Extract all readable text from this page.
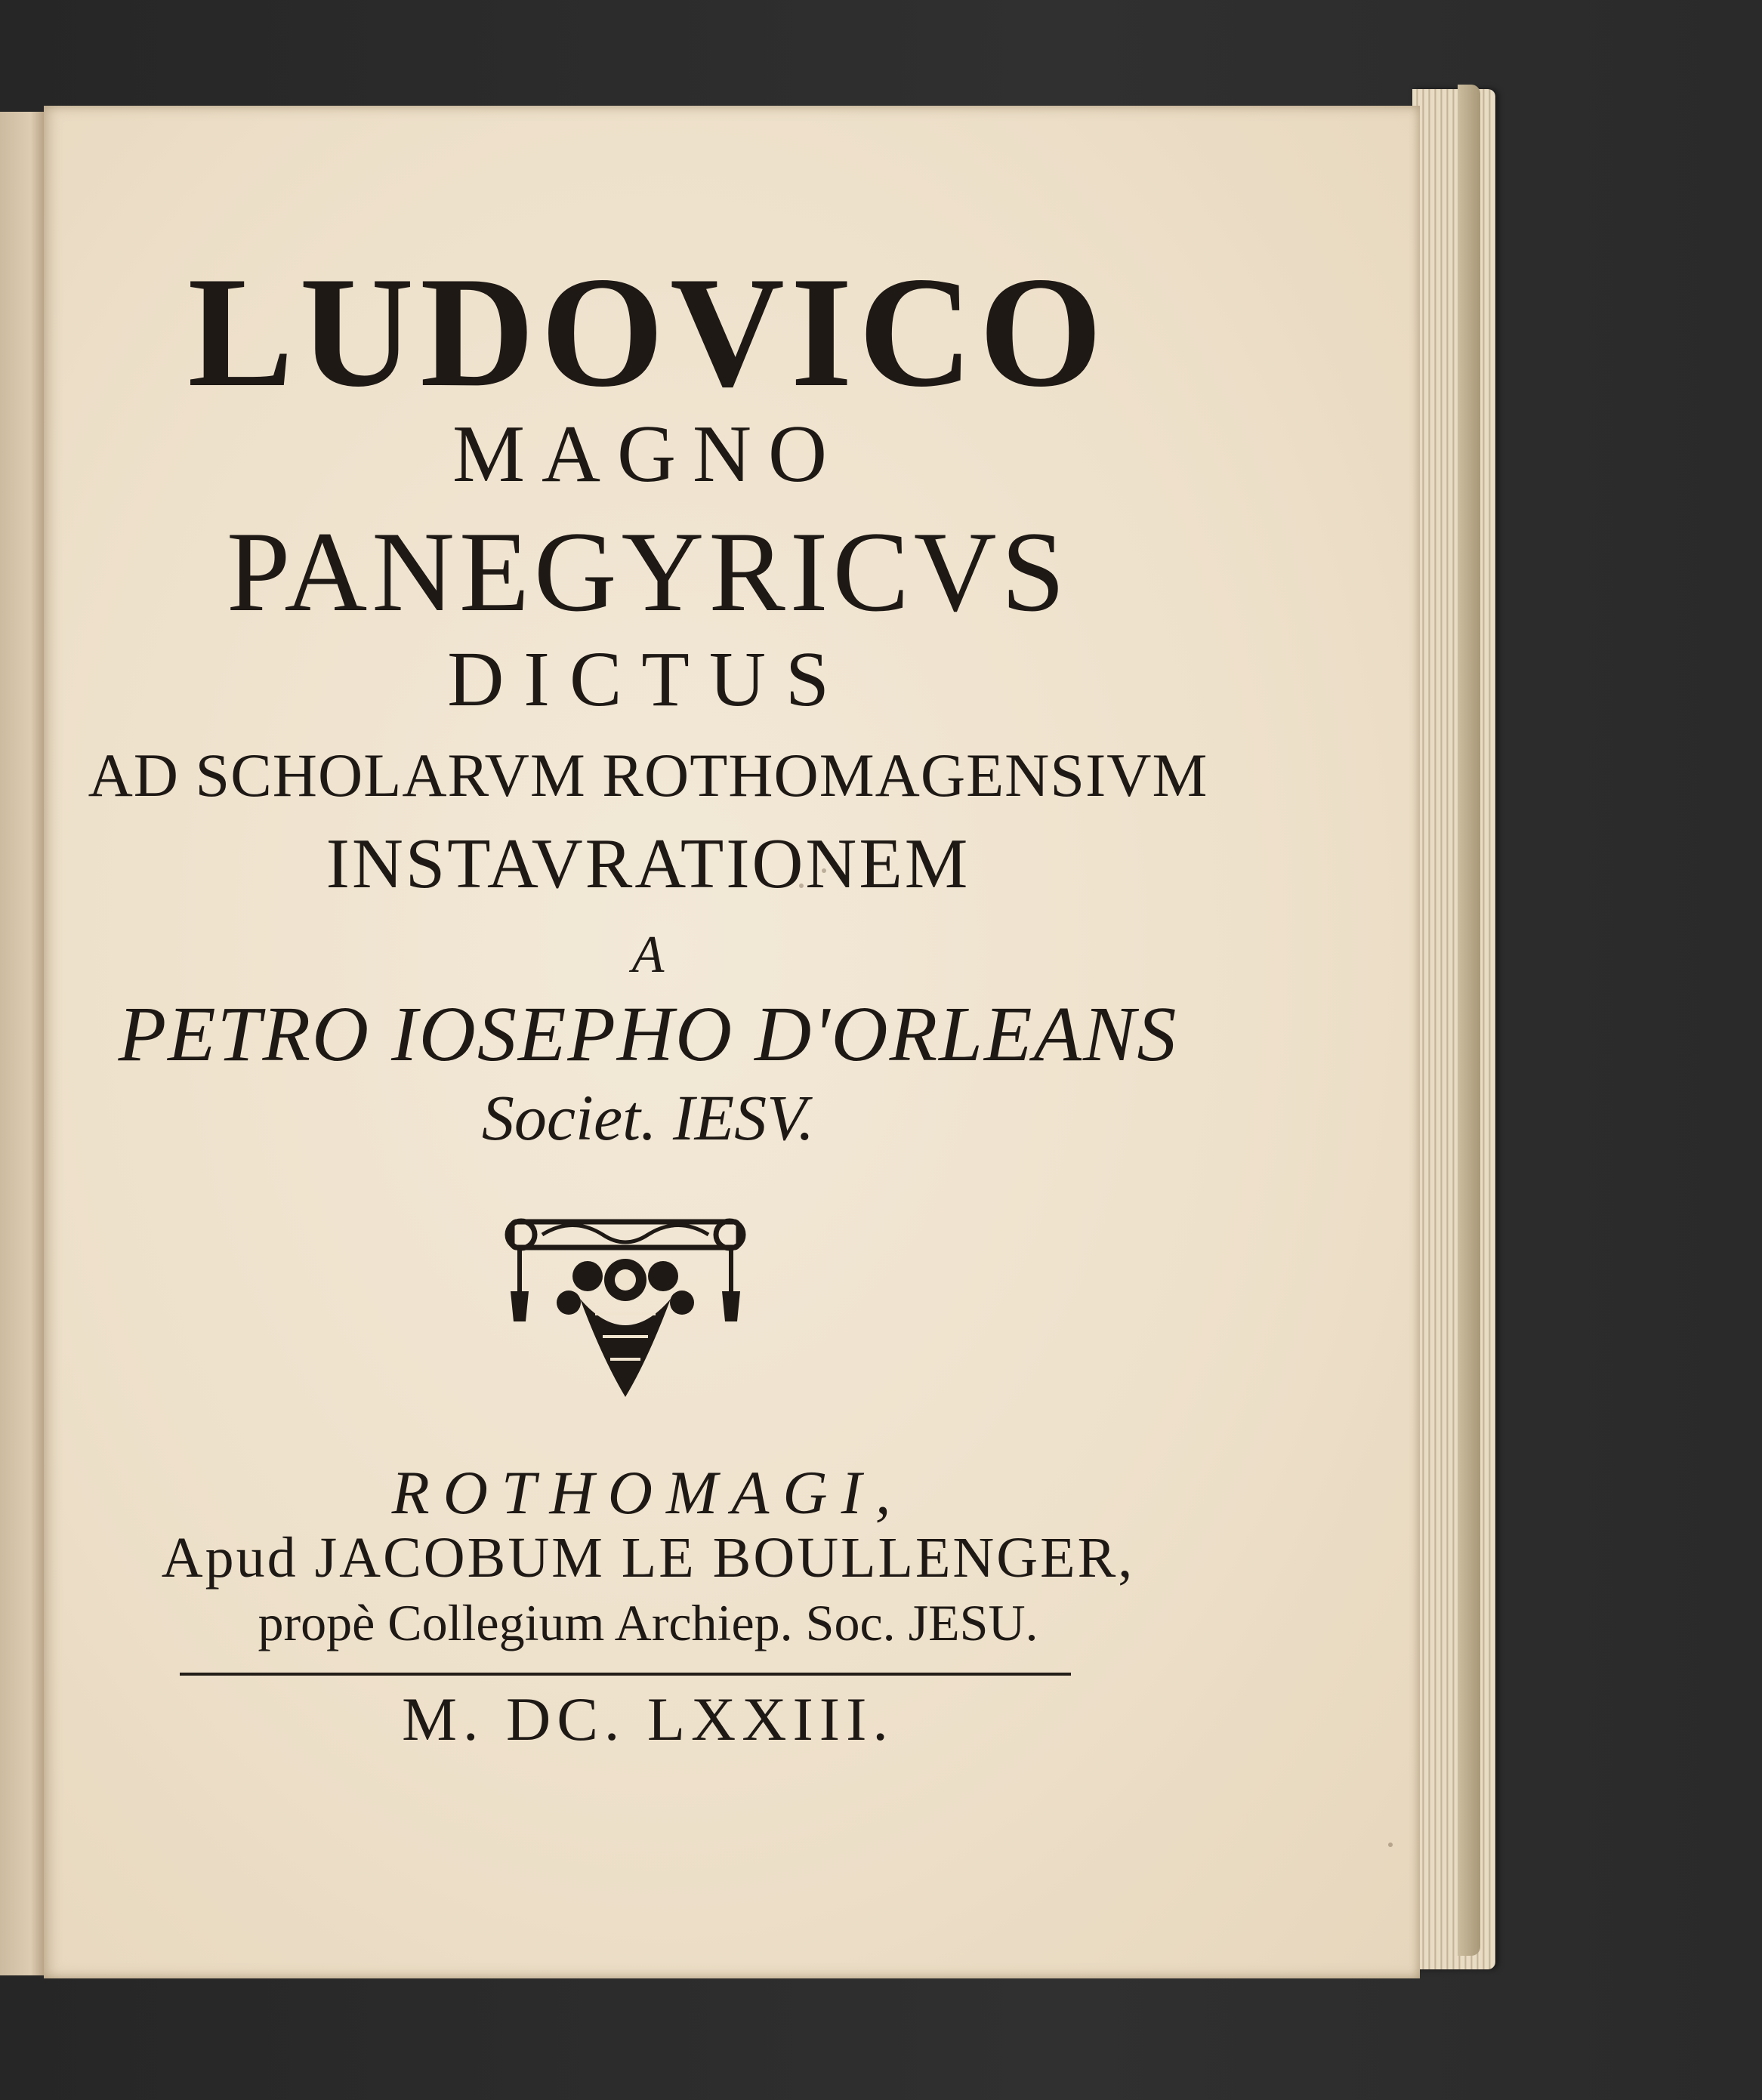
LUDOVICO
MAGNO
PANEGYRICVS
DICTUS
AD SCHOLARVM ROTHOMAGENSIVM
INSTAVRATIONEM
A
PETRO IOSEPHO D'ORLEANS
Societ. IESV.
ROTHOMAGI,
Apud JACOBUM LE BOULLENGER,
propè Collegium Archiep. Soc. JESU.
M. DC. LXXIII.
